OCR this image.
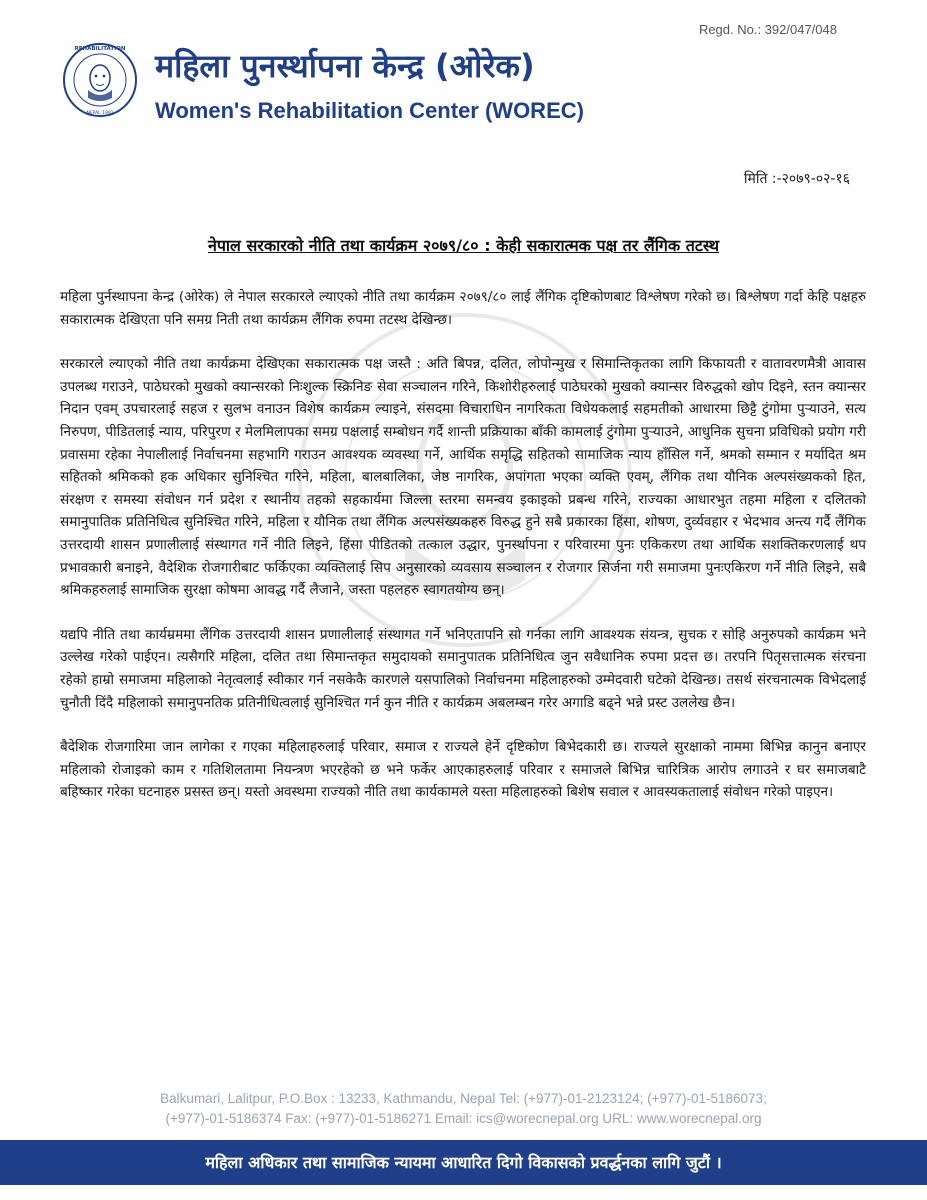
Regd. No.: 392/047/048
REHABILITATION
NEPAL 1991
महिला पुनर्स्थापना केन्द्र (ओरेक)
Women's Rehabilitation Center (WOREC)
मिति :-२०७९-०२-१६
नेपाल सरकारको नीति तथा कार्यक्रम २०७९/८० : केही सकारात्मक पक्ष तर लैंगिक तटस्थ

महिला पुर्नस्थापना केन्द्र (ओरेक) ले नेपाल सरकारले ल्याएको नीति तथा कार्यक्रम २०७९/८० लाई लैंगिक दृष्टिकोणबाट विश्लेषण गरेको छ। बिश्लेषण गर्दा केहि पक्षहरु सकारात्मक देखिएता पनि समग्र निती तथा कार्यक्रम लैंगिक रुपमा तटस्थ देखिन्छ।

सरकारले ल्याएको नीति तथा कार्यक्रमा देखिएका सकारात्मक पक्ष जस्तै : अति बिपन्न, दलित, लोपोन्मुख र सिमान्तिकृतका लागि किफायती र वातावरणमैत्री आवास उपलब्ध गराउने, पाठेघरको मुखको क्यान्सरको निःशुल्क स्क्रिनिङ सेवा सञ्चालन गरिने, किशोरीहरुलाई पाठेघरको मुखको क्यान्सर विरुद्धको खोप दिइने, स्तन क्यान्सर निदान एवम् उपचारलाई सहज र सुलभ वनाउन विशेष कार्यक्रम ल्याइने, संसदमा विचाराधिन नागरिकता विधेयकलाई सहमतीको आधारमा छिट्टै टुंगोमा पुऱ्याउने, सत्य निरुपण, पीडितलाई न्याय, परिपुरण र मेलमिलापका समग्र पक्षलाई सम्बोधन गर्दै शान्ती प्रक्रियाका बाँकी कामलाई टुंगोमा पुऱ्याउने, आधुनिक सुचना प्रविधिको प्रयोग गरी प्रवासमा रहेका नेपालीलाई निर्वाचनमा सहभागि गराउन आवश्यक व्यवस्था गर्ने, आर्थिक समृद्धि सहितको सामाजिक न्याय हाँसिल गर्ने, श्रमको सम्मान र मर्यादित श्रम सहितको श्रमिकको हक अधिकार सुनिश्चित गरिने, महिला, बालबालिका, जेष्ठ नागरिक, अपांगता भएका व्यक्ति एवम्, लैंगिक तथा यौनिक अल्पसंख्यकको हित, संरक्षण र समस्या संवोधन गर्न प्रदेश र स्थानीय तहको सहकार्यमा जिल्ला स्तरमा समन्वय इकाइको प्रबन्ध गरिने, राज्यका आधारभुत तहमा महिला र दलितको समानुपातिक प्रतिनिधित्व सुनिश्चित गरिने, महिला र यौनिक तथा लैंगिक अल्पसंख्यकहरु विरुद्ध हुने सबै प्रकारका हिंसा, शोषण, दुर्व्यवहार र भेदभाव अन्त्य गर्दै लैंगिक उत्तरदायी शासन प्रणालीलाई संस्थागत गर्ने नीति लिइने, हिंसा पीडितको तत्काल उद्धार, पुनर्स्थापना र परिवारमा पुनः एकिकरण तथा आर्थिक सशक्तिकरणलाई थप प्रभावकारी बनाइने, वैदेशिक रोजगारीबाट फर्किएका व्यक्तिलाई सिप अनुसारको व्यवसाय सञ्चालन र रोजगार सिर्जना गरी समाजमा पुनःएकिरण गर्ने नीति लिइने, सबै श्रमिकहरुलाई सामाजिक सुरक्षा कोषमा आवद्ध गर्दै लैजाने, जस्ता पहलहरु स्वागतयोग्य छन्।

यद्यपि नीति तथा कार्यम्रममा लैंगिक उत्तरदायी शासन प्रणालीलाई संस्थागत गर्ने भनिएतापनि सो गर्नका लागि आवश्यक संयन्त्र, सुचक र सोहि अनुरुपको कार्यक्रम भने उल्लेख गरेको पाईएन। त्यसैगरि महिला, दलित तथा सिमान्तकृत समुदायको समानुपातक प्रतिनिधित्व जुन सवैधानिक रुपमा प्रदत्त छ। तरपनि पितृसत्तात्मक संरचना रहेको हाम्रो समाजमा महिलाको नेतृत्वलाई स्वीकार गर्न नसकेकै कारणले यसपालिको निर्वाचनमा महिलाहरुको उम्मेदवारी घटेको देखिन्छ। तसर्थ संरचनात्मक विभेदलाई चुनौती दिंदै महिलाको समानुपनतिक प्रतिनीधित्वलाई सुनिश्चित गर्न कुन नीति र कार्यक्रम अबलम्बन गरेर अगाडि बढ्ने भन्ने प्रस्ट उललेख छैन।

बैदेशिक रोजगारिमा जान लागेका र गएका महिलाहरुलाई परिवार, समाज र राज्यले हेर्ने दृष्टिकोण बिभेदकारी छ। राज्यले सुरक्षाको नाममा बिभिन्न कानुन बनाएर महिलाको रोजाइको काम र गतिशिलतामा नियन्त्रण भएरहेको छ भने फर्केर आएकाहरुलाई परिवार र समाजले बिभिन्न चारित्रिक आरोप लगाउने र घर समाजबाटै बहिष्कार गरेका घटनाहरु प्रसस्त छन्। यस्तो अवस्थमा राज्यको नीति तथा कार्यकामले यस्ता महिलाहरुको बिशेष सवाल र आवस्यकतालाई संवोधन गरेको पाइएन।

Balkumari, Lalitpur, P.O.Box : 13233, Kathmandu, Nepal Tel: (+977)-01-2123124; (+977)-01-5186073;
(+977)-01-5186374 Fax: (+977)-01-5186271 Email: ics@worecnepal.org URL: www.worecnepal.org
महिला अधिकार तथा सामाजिक न्यायमा आधारित दिगो विकासको प्रवर्द्धनका लागि जुटौं ।
